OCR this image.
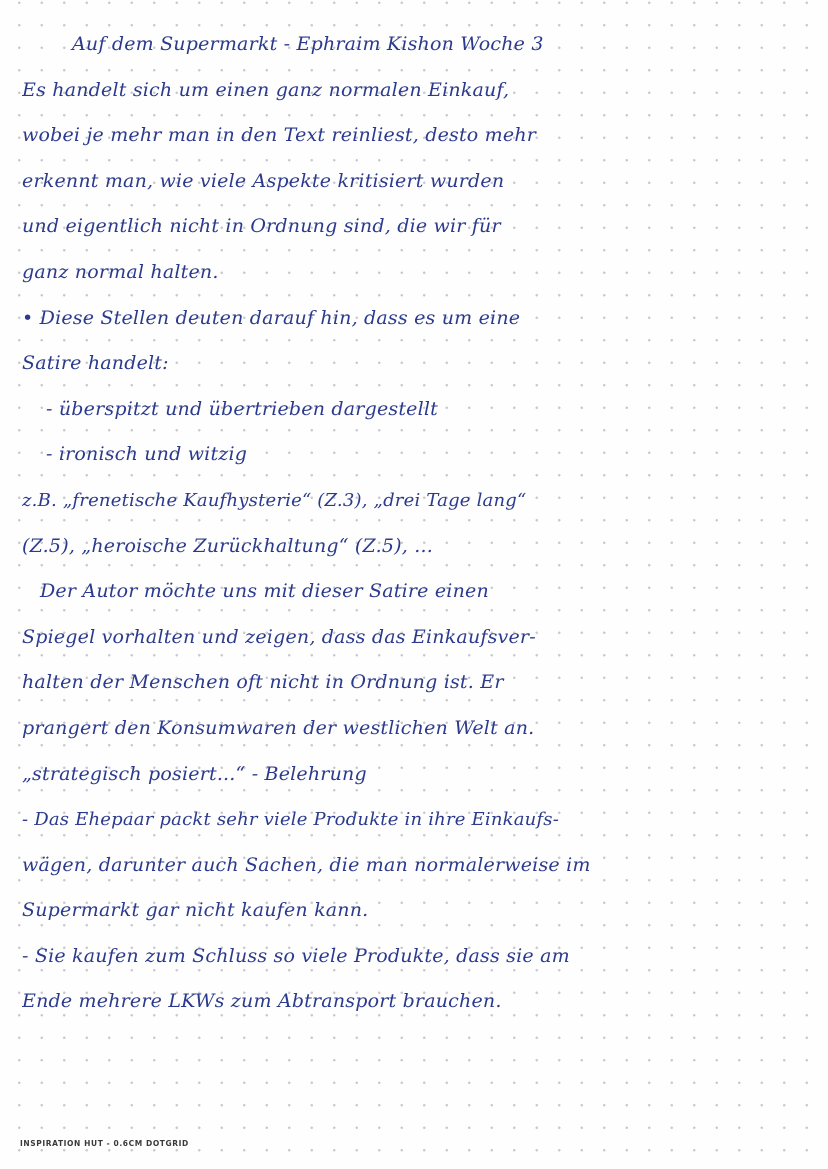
Auf dem Supermarkt - Ephraim Kishon Woche 3
Es handelt sich um einen ganz normalen Einkauf,
wobei je mehr man in den Text reinliest, desto mehr
erkennt man, wie viele Aspekte kritisiert wurden
und eigentlich nicht in Ordnung sind, die wir für
ganz normal halten.
• Diese Stellen deuten darauf hin, dass es um eine
Satire handelt:
- überspitzt und übertrieben dargestellt
- ironisch und witzig
z.B. „frenetische Kaufhysterie“ (Z.3), „drei Tage lang“
(Z.5), „heroische Zurückhaltung“ (Z.5), ...
Der Autor möchte uns mit dieser Satire einen
Spiegel vorhalten und zeigen, dass das Einkaufsver-
halten der Menschen oft nicht in Ordnung ist. Er
prangert den Konsumwaren der westlichen Welt an.
„strategisch posiert...“ - Belehrung
- Das Ehepaar packt sehr viele Produkte in ihre Einkaufs-
wägen, darunter auch Sachen, die man normalerweise im
Supermarkt gar nicht kaufen kann.
- Sie kaufen zum Schluss so viele Produkte, dass sie am
Ende mehrere LKWs zum Abtransport brauchen.
INSPIRATION HUT - 0.6CM DOTGRID
